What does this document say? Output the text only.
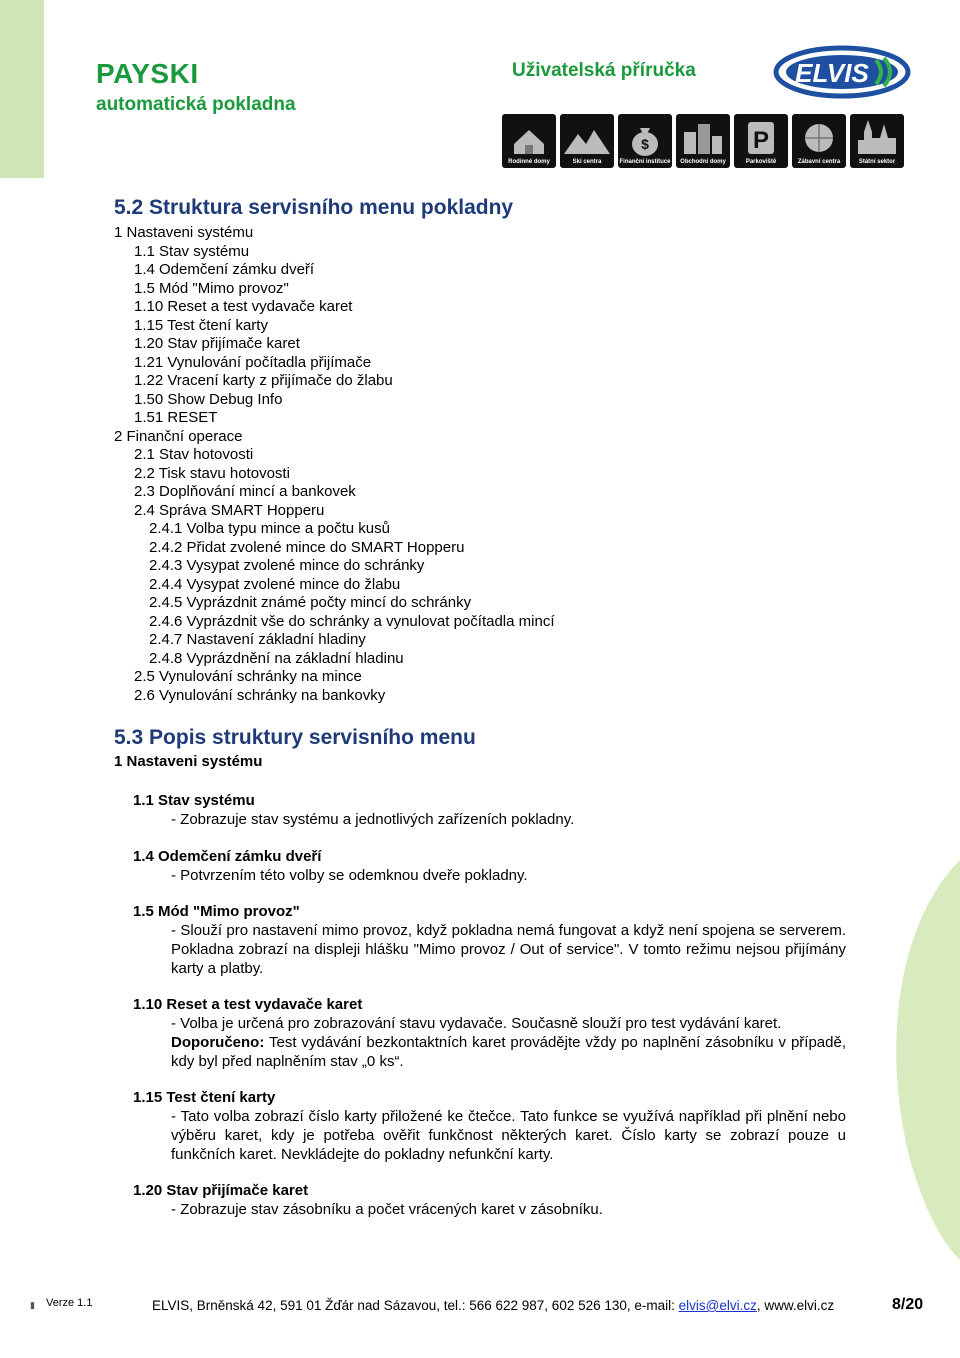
PAYSKI
automatická pokladna
Uživatelská příručka	ELVIS
Rodinné domy	Ski centra
$
Finanční instituce	Obchodní domy
P
Parkoviště	Zábavní centra	Státní sektor
5.2 Struktura servisního menu pokladny
1 Nastaveni systému
1.1 Stav systému
1.4 Odemčení zámku dveří
1.5 Mód "Mimo provoz"
1.10 Reset a test vydavače karet
1.15 Test čtení karty
1.20 Stav přijímače karet
1.21 Vynulování počítadla přijímače
1.22 Vracení karty z přijímače do žlabu
1.50 Show Debug Info
1.51 RESET
2 Finanční operace
2.1 Stav hotovosti
2.2 Tisk stavu hotovosti
2.3 Doplňování mincí a bankovek
2.4 Správa SMART Hopperu
2.4.1 Volba typu mince a počtu kusů
2.4.2 Přidat zvolené mince do SMART Hopperu
2.4.3 Vysypat zvolené mince do schránky
2.4.4 Vysypat zvolené mince do žlabu
2.4.5 Vyprázdnit známé počty mincí do schránky
2.4.6 Vyprázdnit vše do schránky a vynulovat počítadla mincí
2.4.7 Nastavení základní hladiny
2.4.8 Vyprázdnění na základní hladinu
2.5 Vynulování schránky na mince
2.6 Vynulování schránky na bankovky
5.3 Popis struktury servisního menu
1 Nastaveni systému
1.1 Stav systému
- Zobrazuje stav systému a jednotlivých zařízeních pokladny.
1.4 Odemčení zámku dveří
- Potvrzením této volby se odemknou dveře pokladny.
1.5 Mód "Mimo provoz"
- Slouží pro nastavení mimo provoz, když pokladna nemá fungovat a když není spojena se serverem. Pokladna zobrazí na displeji hlášku "Mimo provoz / Out of service". V tomto režimu nejsou přijímány karty a platby.
1.10 Reset a test vydavače karet
- Volba je určená pro zobrazování stavu vydavače. Současně slouží pro test vydávání karet.
Doporučeno: Test vydávání bezkontaktních karet provádějte vždy po naplnění zásobníku v případě, kdy byl před naplněním stav „0 ks“.
1.15 Test čtení karty
- Tato volba zobrazí číslo karty přiložené ke čtečce. Tato funkce se využívá například při plnění nebo výběru karet, kdy je potřeba ověřit funkčnost některých karet. Číslo karty se zobrazí pouze u funkčních karet. Nevkládejte do pokladny nefunkční karty.
1.20 Stav přijímače karet
- Zobrazuje stav zásobníku a počet vrácených karet v zásobníku.
▮ Verze 1.1	ELVIS, Brněnská 42, 591 01 Žďár nad Sázavou, tel.: 566 622 987, 602 526 130, e-mail: elvis@elvi.cz, www.elvi.cz	8/20
